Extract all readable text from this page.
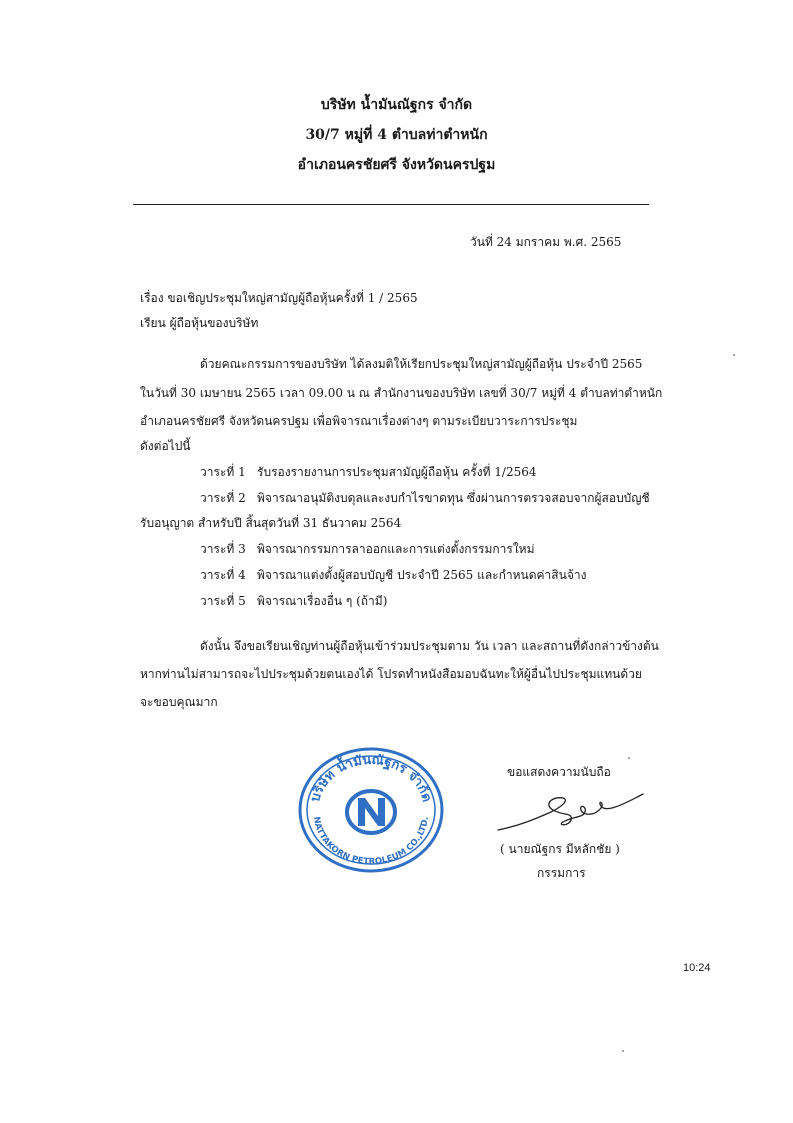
บริษัท น้ำมันณัฐกร จำกัด
30/7 หมู่ที่ 4 ตำบลท่าตำหนัก
อำเภอนครชัยศรี จังหวัดนครปฐม
วันที่ 24 มกราคม พ.ศ. 2565
เรื่อง ขอเชิญประชุมใหญ่สามัญผู้ถือหุ้นครั้งที่ 1 / 2565
เรียน ผู้ถือหุ้นของบริษัท
ด้วยคณะกรรมการของบริษัท ได้ลงมติให้เรียกประชุมใหญ่สามัญผู้ถือหุ้น ประจำปี 2565
ในวันที่ 30 เมษายน 2565 เวลา 09.00 น ณ สำนักงานของบริษัท เลขที่ 30/7 หมู่ที่ 4 ตำบลท่าตำหนัก
อำเภอนครชัยศรี จังหวัดนครปฐม เพื่อพิจารณาเรื่องต่างๆ ตามระเบียบวาระการประชุม
ดังต่อไปนี้
วาระที่ 1 รับรองรายงานการประชุมสามัญผู้ถือหุ้น ครั้งที่ 1/2564
วาระที่ 2 พิจารณาอนุมัติงบดุลและงบกำไรขาดทุน ซึ่งผ่านการตรวจสอบจากผู้สอบบัญชี
รับอนุญาต สำหรับปี สิ้นสุดวันที่ 31 ธันวาคม 2564
วาระที่ 3 พิจารณากรรมการลาออกและการแต่งตั้งกรรมการใหม่
วาระที่ 4 พิจารณาแต่งตั้งผู้สอบบัญชี ประจำปี 2565 และกำหนดค่าสินจ้าง
วาระที่ 5 พิจารณาเรื่องอื่น ๆ (ถ้ามี)
ดังนั้น จึงขอเรียนเชิญท่านผู้ถือหุ้นเข้าร่วมประชุมตาม วัน เวลา และสถานที่ดังกล่าวข้างต้น
หากท่านไม่สามารถจะไปประชุมด้วยตนเองได้ โปรดทำหนังสือมอบฉันทะให้ผู้อื่นไปประชุมแทนด้วย
จะขอบคุณมาก
บริษัท น้ำมันณัฐกร จำกัด
NATTAKORN PETROLEUM CO.,LTD.
ขอแสดงความนับถือ
( นายณัฐกร มีหลักชัย )
กรรมการ
10:24
